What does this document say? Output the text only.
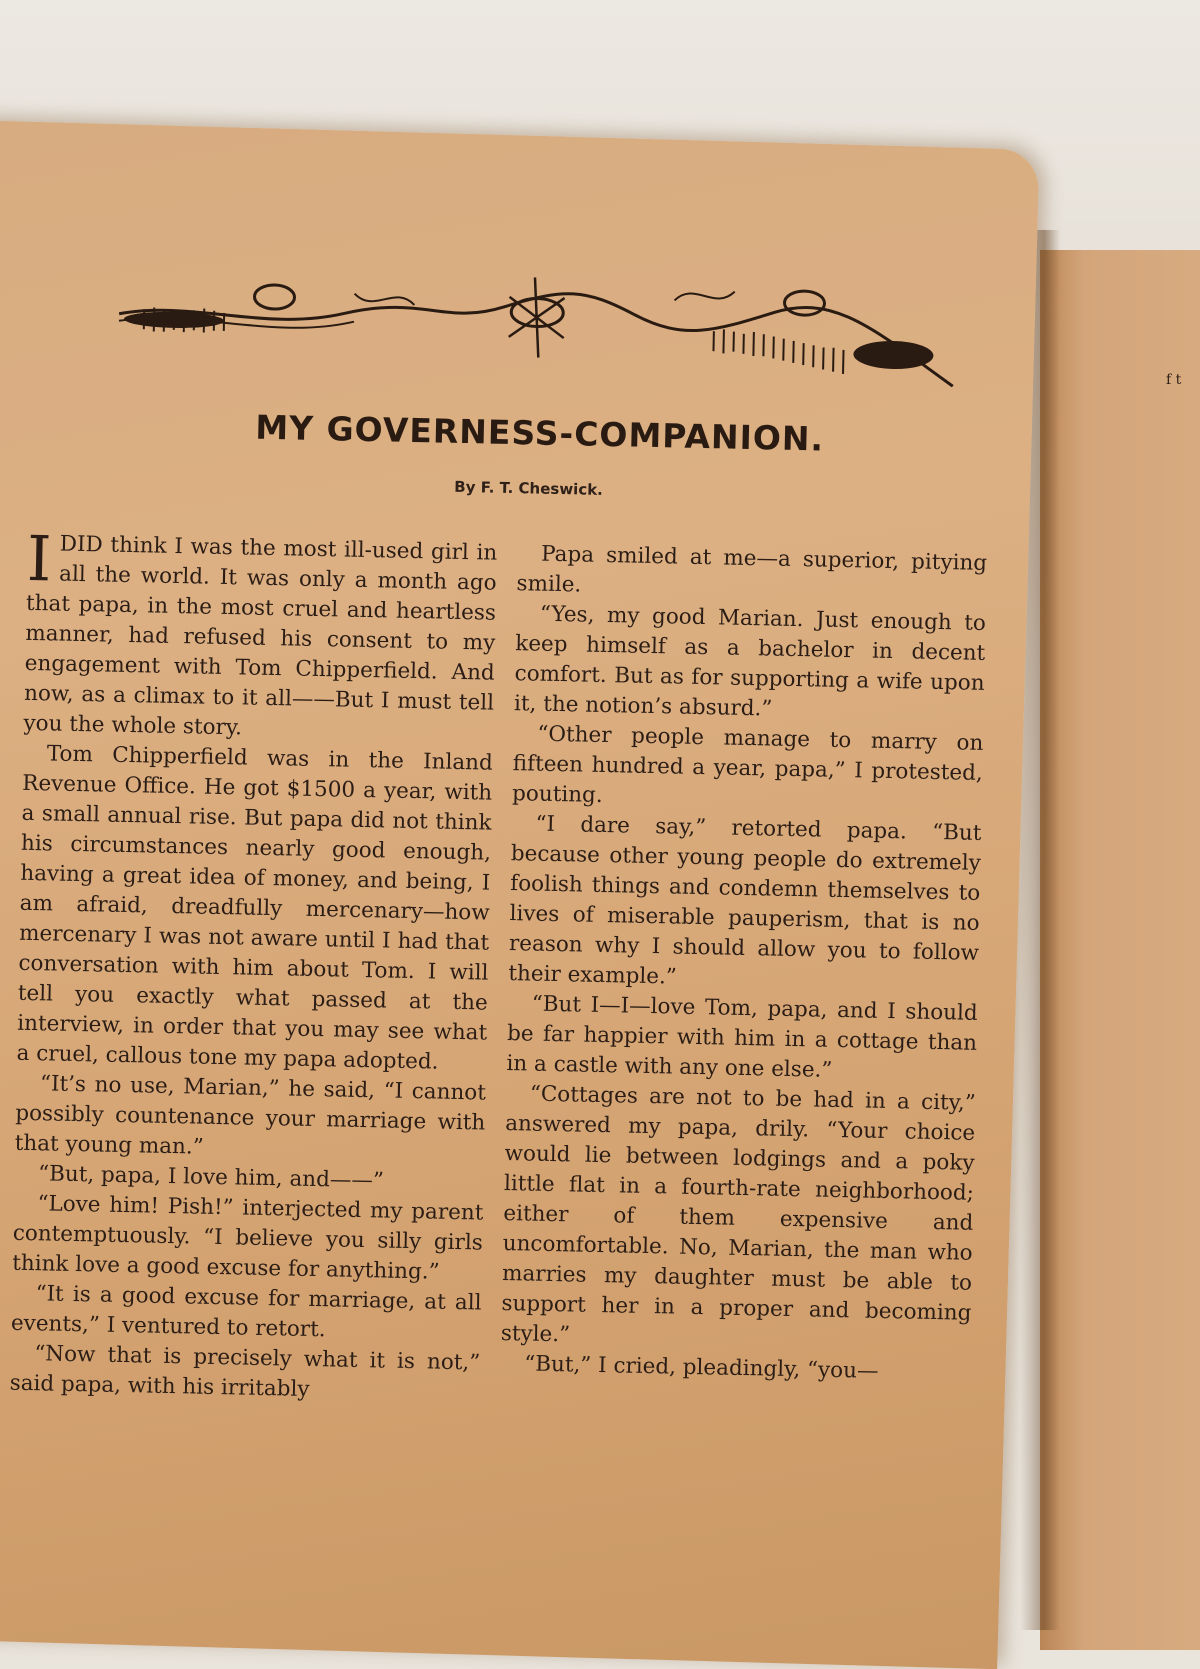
MY GOVERNESS-COMPANION.
By F. T. Cheswick.

IDID think I was the most ill-used girl in all the world. It was only a month ago that papa, in the most cruel and heartless manner, had refused his consent to my engagement with Tom Chipperfield. And now, as a climax to it all——But I must tell you the whole story.

Tom Chipperfield was in the Inland Revenue Office. He got $1500 a year, with a small annual rise. But papa did not think his circumstances nearly good enough, having a great idea of money, and being, I am afraid, dreadfully mercenary—how mercenary I was not aware until I had that conversation with him about Tom. I will tell you exactly what passed at the interview, in order that you may see what a cruel, callous tone my papa adopted.

“It’s no use, Marian,” he said, “I cannot possibly countenance your marriage with that young man.”

“But, papa, I love him, and——”

“Love him! Pish!” interjected my parent contemptuously. “I believe you silly girls think love a good excuse for anything.”

“It is a good excuse for marriage, at all events,” I ventured to retort.

“Now that is precisely what it is not,” said papa, with his irritably

Papa smiled at me—a superior, pitying smile.

“Yes, my good Marian. Just enough to keep himself as a bachelor in decent comfort. But as for supporting a wife upon it, the notion’s absurd.”

“Other people manage to marry on fifteen hundred a year, papa,” I protested, pouting.

“I dare say,” retorted papa. “But because other young people do extremely foolish things and condemn themselves to lives of miserable pauperism, that is no reason why I should allow you to follow their example.”

“But I—I—love Tom, papa, and I should be far happier with him in a cottage than in a castle with any one else.”

“Cottages are not to be had in a city,” answered my papa, drily. “Your choice would lie between lodgings and a poky little flat in a fourth-rate neighborhood; either of them expensive and uncomfortable. No, Marian, the man who marries my daughter must be able to support her in a proper and becoming style.”

“But,” I cried, pleadingly, “you—

f t
